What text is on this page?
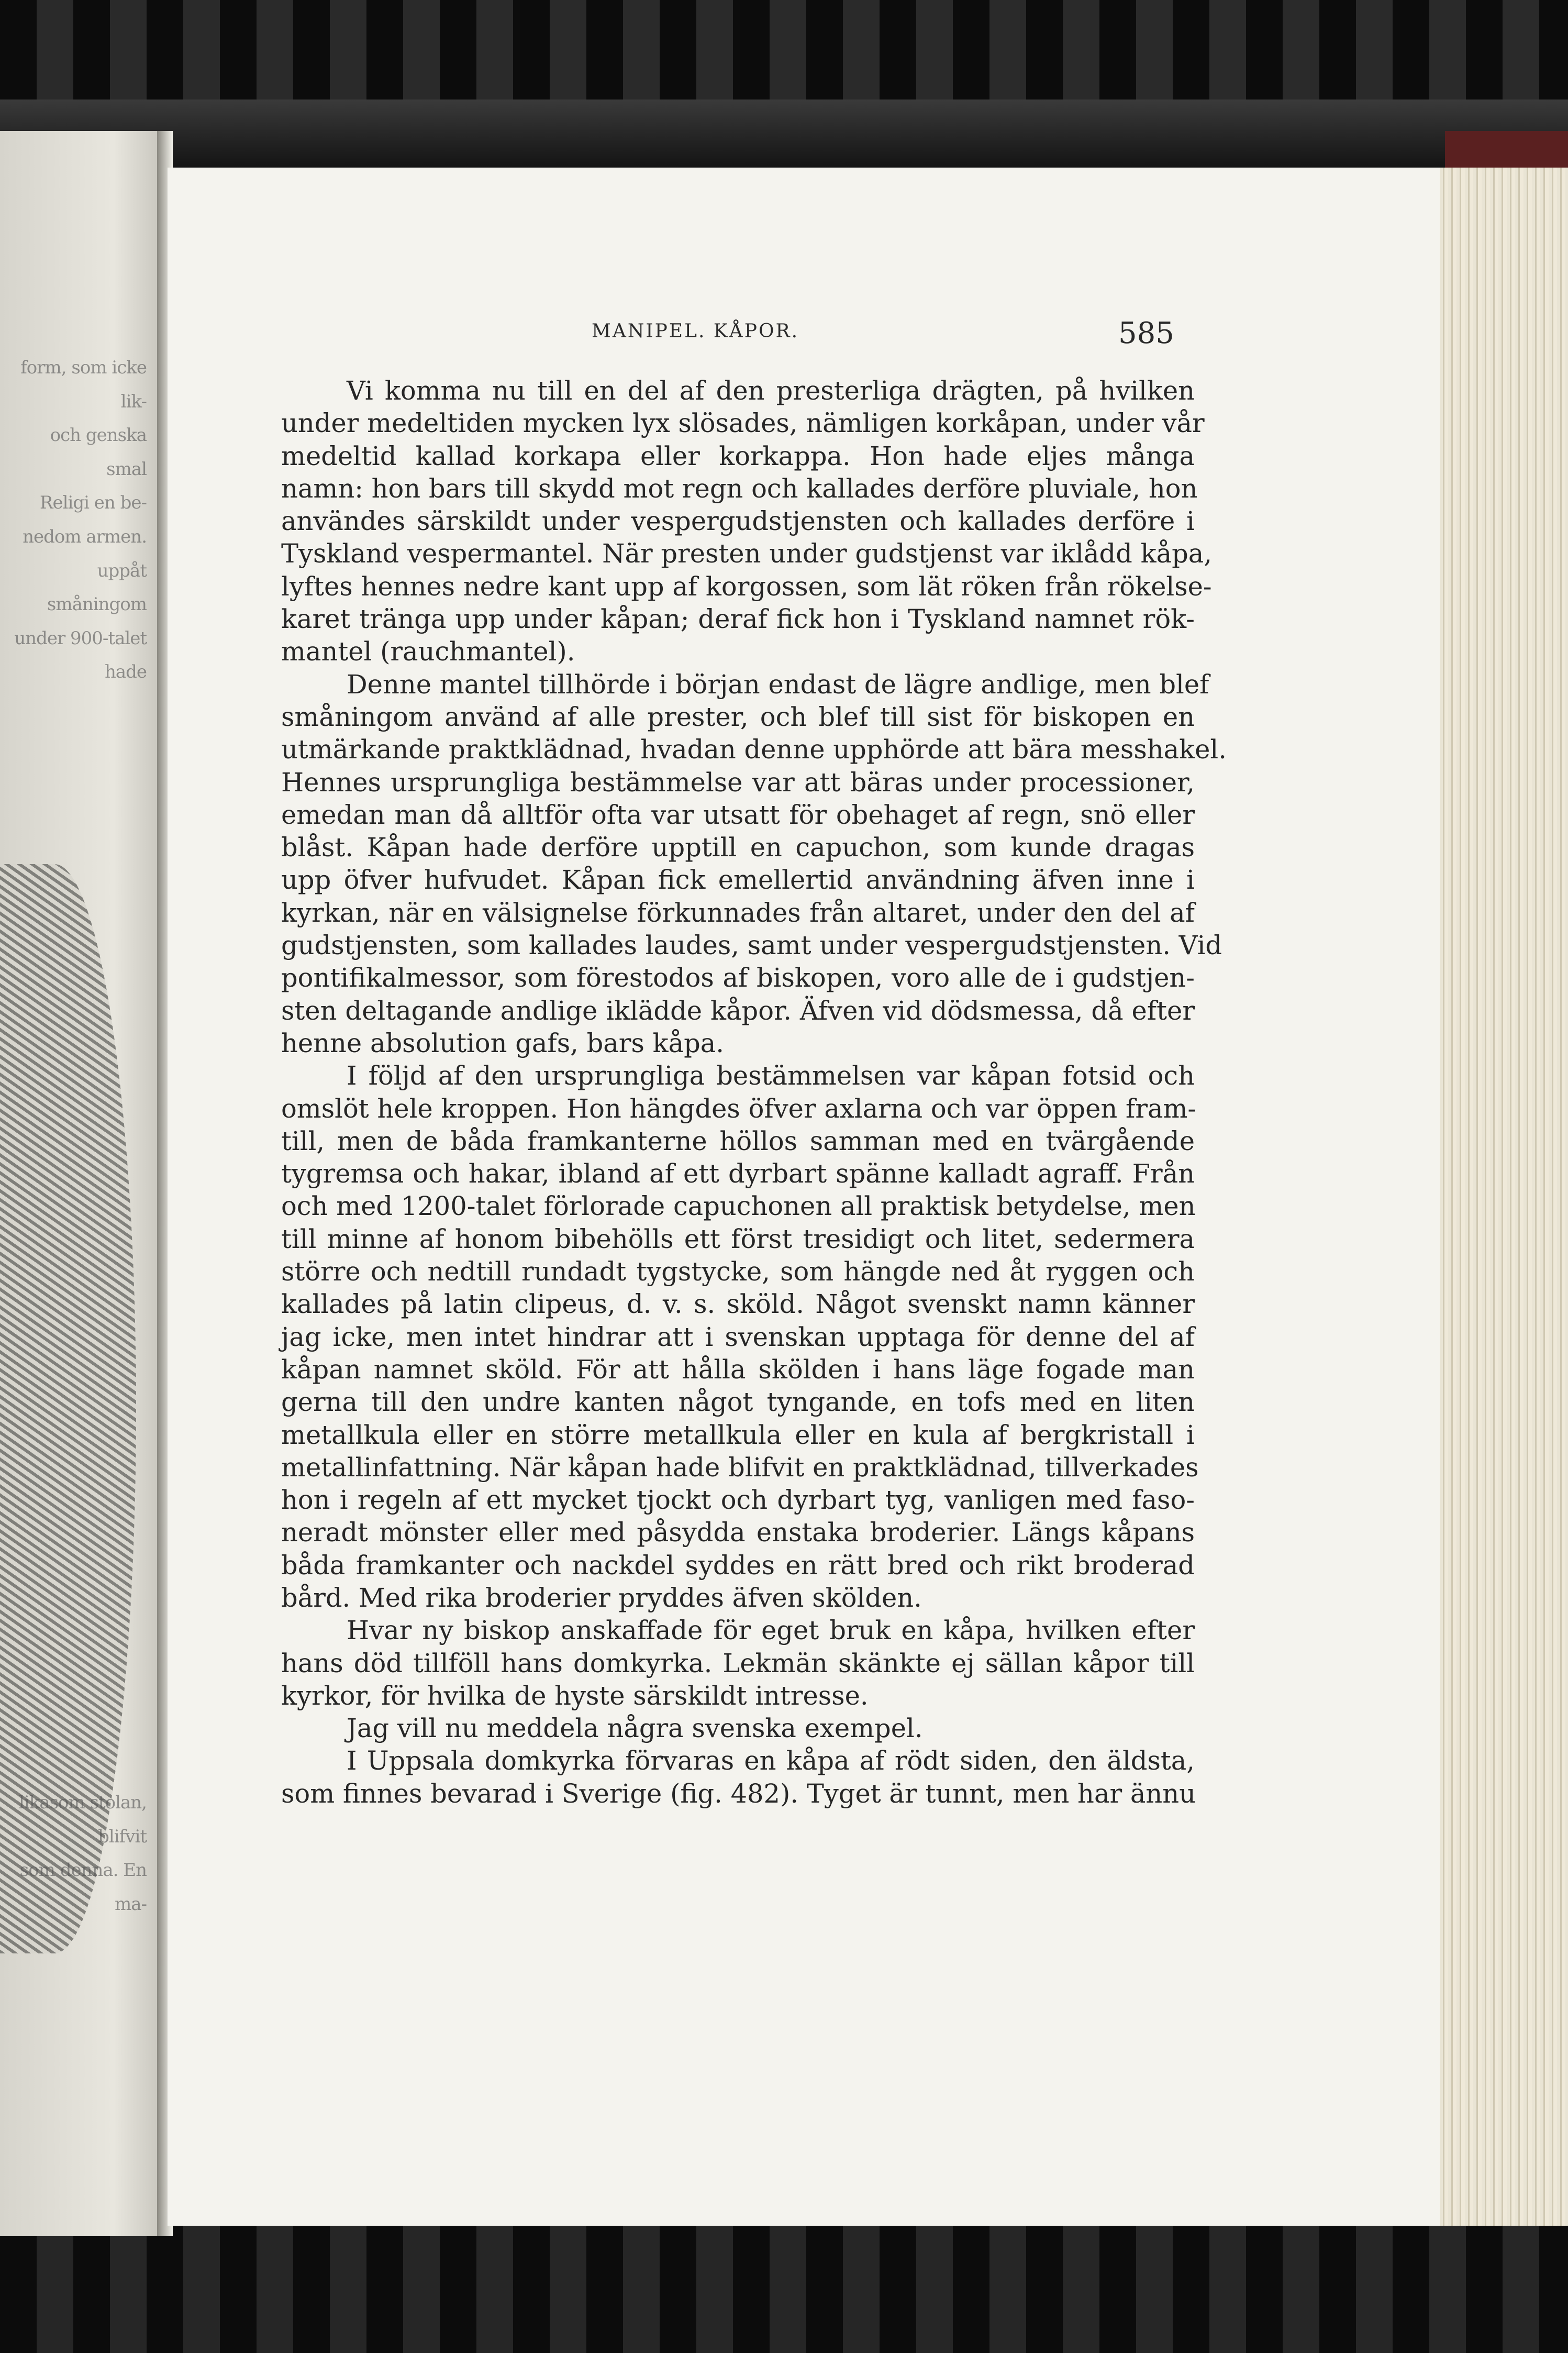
form, som icke lik-
och genska smal
Religi en be-
nedom armen.
uppåt småningom
under 900-talet hade
likasom stolan, blifvit
som denna. En ma-
MANIPEL. KÅPOR.	585

Vi komma nu till en del af den presterliga drägten, på hvilken
under medeltiden mycken lyx slösades, nämligen korkåpan, under vår
medeltid kallad korkapa eller korkappa. Hon hade eljes många
namn: hon bars till skydd mot regn och kallades derföre pluviale, hon
användes särskildt under vespergudstjensten och kallades derföre i
Tyskland vespermantel. När presten under gudstjenst var iklådd kåpa,
lyftes hennes nedre kant upp af korgossen, som lät röken från rökelse-
karet tränga upp under kåpan; deraf fick hon i Tyskland namnet rök-
mantel (rauchmantel).

Denne mantel tillhörde i början endast de lägre andlige, men blef
småningom använd af alle prester, och blef till sist för biskopen en
utmärkande praktklädnad, hvadan denne upphörde att bära messhakel.
Hennes ursprungliga bestämmelse var att bäras under processioner,
emedan man då alltför ofta var utsatt för obehaget af regn, snö eller
blåst. Kåpan hade derföre upptill en capuchon, som kunde dragas
upp öfver hufvudet. Kåpan fick emellertid användning äfven inne i
kyrkan, när en välsignelse förkunnades från altaret, under den del af
gudstjensten, som kallades laudes, samt under vespergudstjensten. Vid
pontifikalmessor, som förestodos af biskopen, voro alle de i gudstjen-
sten deltagande andlige iklädde kåpor. Äfven vid dödsmessa, då efter
henne absolution gafs, bars kåpa.

I följd af den ursprungliga bestämmelsen var kåpan fotsid och
omslöt hele kroppen. Hon hängdes öfver axlarna och var öppen fram-
till, men de båda framkanterne höllos samman med en tvärgående
tygremsa och hakar, ibland af ett dyrbart spänne kalladt agraff. Från
och med 1200-talet förlorade capuchonen all praktisk betydelse, men
till minne af honom bibehölls ett först tresidigt och litet, sedermera
större och nedtill rundadt tygstycke, som hängde ned åt ryggen och
kallades på latin clipeus, d. v. s. sköld. Något svenskt namn känner
jag icke, men intet hindrar att i svenskan upptaga för denne del af
kåpan namnet sköld. För att hålla skölden i hans läge fogade man
gerna till den undre kanten något tyngande, en tofs med en liten
metallkula eller en större metallkula eller en kula af bergkristall i
metallinfattning. När kåpan hade blifvit en praktklädnad, tillverkades
hon i regeln af ett mycket tjockt och dyrbart tyg, vanligen med faso-
neradt mönster eller med påsydda enstaka broderier. Längs kåpans
båda framkanter och nackdel syddes en rätt bred och rikt broderad
bård. Med rika broderier pryddes äfven skölden.

Hvar ny biskop anskaffade för eget bruk en kåpa, hvilken efter
hans död tillföll hans domkyrka. Lekmän skänkte ej sällan kåpor till
kyrkor, för hvilka de hyste särskildt intresse.

Jag vill nu meddela några svenska exempel.

I Uppsala domkyrka förvaras en kåpa af rödt siden, den äldsta,
som finnes bevarad i Sverige (fig. 482). Tyget är tunnt, men har ännu
